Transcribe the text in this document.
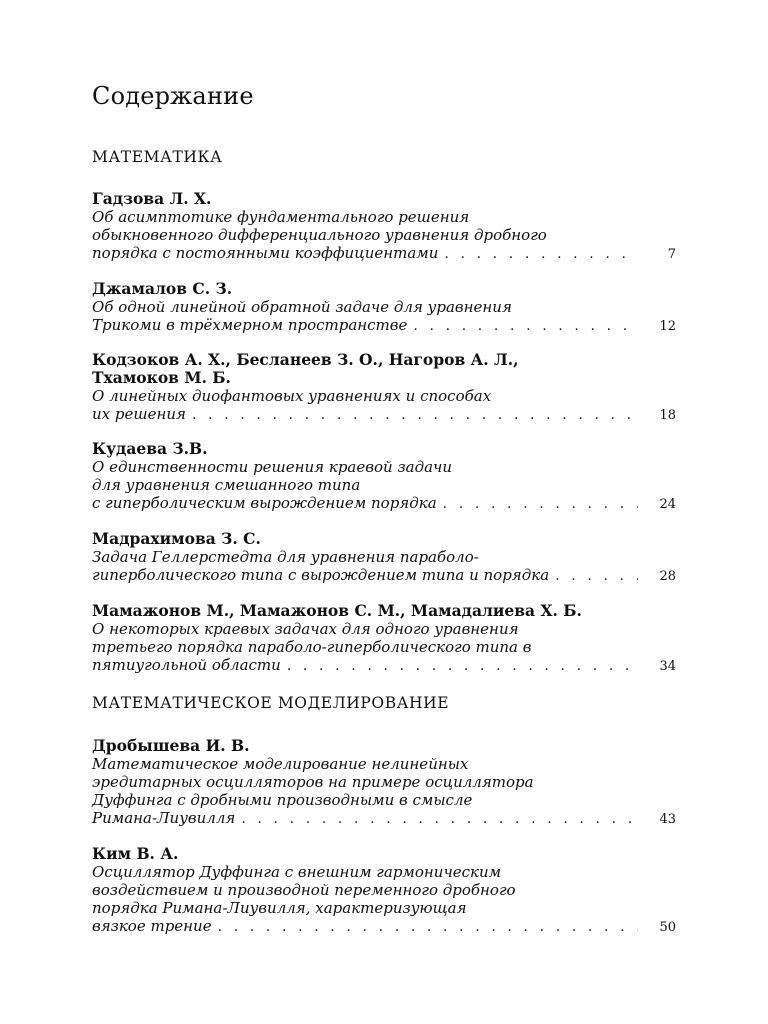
Содержание
МАТЕМАТИКА
Гадзова Л. Х.
Об асимптотике фундаментального решения
обыкновенного дифференциального уравнения дробного
порядка с постоянными коэффициентами . . .	7
Джамалов С. З.
Об одной линейной обратной задаче для уравнения
Трикоми в трёхмерном пространстве . . .	12
Кодзоков А. Х., Бесланеев З. О., Нагоров А. Л.,
Тхамоков М. Б.
О линейных диофантовых уравнениях и способах
их решения . . .	18
Кудаева З.В.
О единственности решения краевой задачи
для уравнения смешанного типа
с гиперболическим вырождением порядка . . .	24
Мадрахимова З. С.
Задача Геллерстедта для уравнения параболо-
гиперболического типа с вырождением типа и порядка . . .	28
Мамажонов М., Мамажонов С. М., Мамадалиева Х. Б.
О некоторых краевых задачах для одного уравнения
третьего порядка параболо-гиперболического типа в
пятиугольной области . . .	34
МАТЕМАТИЧЕСКОЕ МОДЕЛИРОВАНИЕ
Дробышева И. В.
Математическое моделирование нелинейных
эредитарных осцилляторов на примере осциллятора
Дуффинга с дробными производными в смысле
Римана-Лиувилля . . .	43
Ким В. А.
Осциллятор Дуффинга с внешним гармоническим
воздействием и производной переменного дробного
порядка Римана-Лиувилля, характеризующая
вязкое трение . . .	50
